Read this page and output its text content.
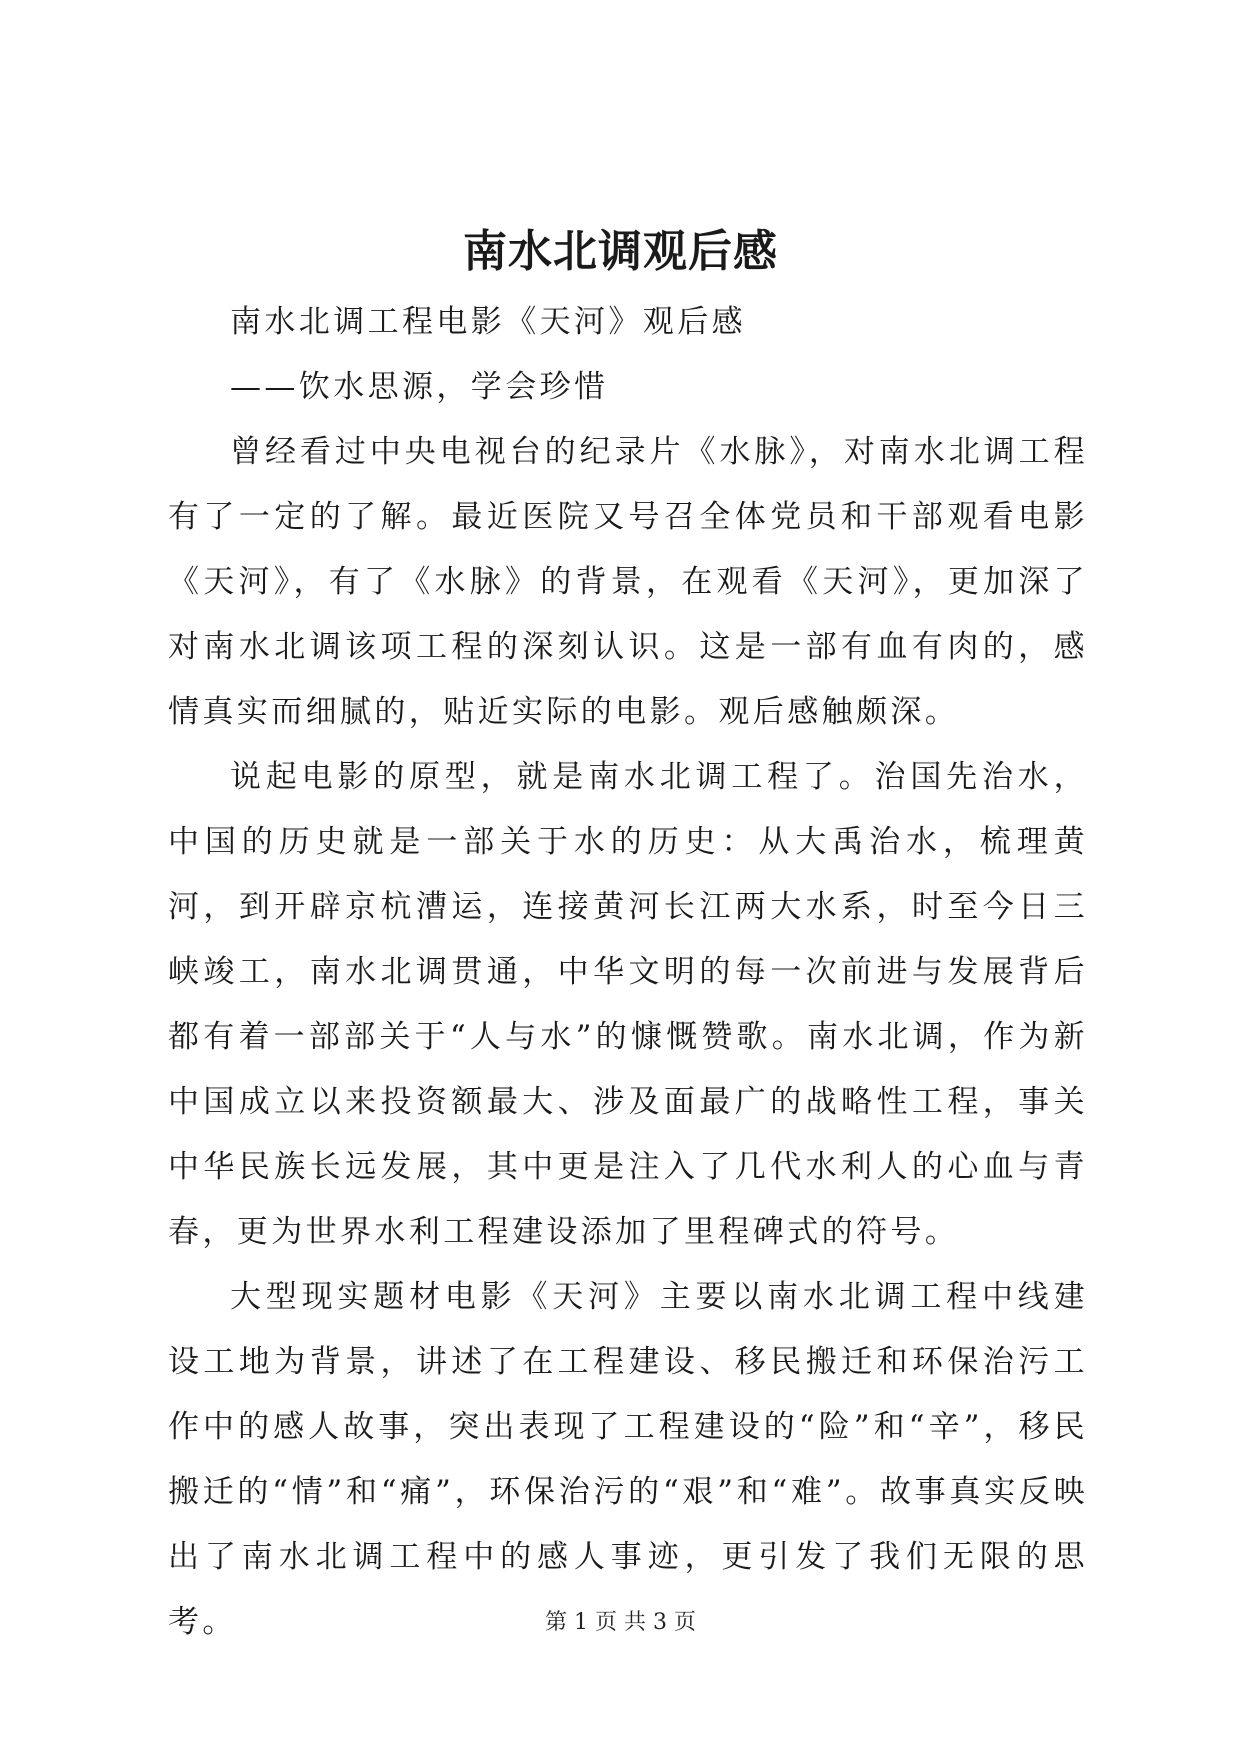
南水北调观后感

南水北调工程电影《天河》观后感

——饮水思源，学会珍惜

曾经看过中央电视台的纪录片《水脉》，对南水北调工程有了一定的了解。最近医院又号召全体党员和干部观看电影《天河》，有了《水脉》的背景，在观看《天河》，更加深了对南水北调该项工程的深刻认识。这是一部有血有肉的，感情真实而细腻的，贴近实际的电影。观后感触颇深。

说起电影的原型，就是南水北调工程了。治国先治水，中国的历史就是一部关于水的历史：从大禹治水，梳理黄河，到开辟京杭漕运，连接黄河长江两大水系，时至今日三峡竣工，南水北调贯通，中华文明的每一次前进与发展背后都有着一部部关于“人与水”的慷慨赞歌。南水北调，作为新中国成立以来投资额最大、涉及面最广的战略性工程，事关中华民族长远发展，其中更是注入了几代水利人的心血与青春，更为世界水利工程建设添加了里程碑式的符号。

大型现实题材电影《天河》主要以南水北调工程中线建设工地为背景，讲述了在工程建设、移民搬迁和环保治污工作中的感人故事，突出表现了工程建设的“险”和“辛”，移民搬迁的“情”和“痛”，环保治污的“艰”和“难”。故事真实反映出了南水北调工程中的感人事迹，更引发了我们无限的思考。	第 1 页 共 3 页
